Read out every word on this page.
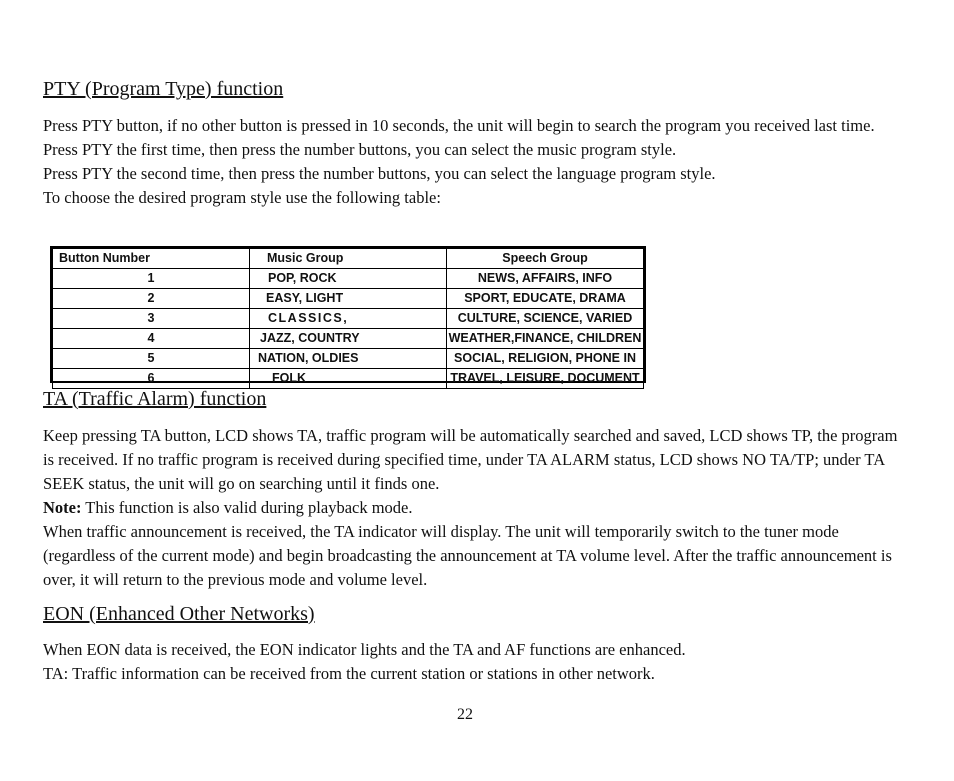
PTY (Program Type) function

Press PTY button, if no other button is pressed in 10 seconds, the unit will begin to search the program you received last time.

Press PTY the first time, then press the number buttons, you can select the music program style.

Press PTY the second time, then press the number buttons, you can select the language program style.

To choose the desired program style use the following table:

Button Number	Music Group	Speech Group
1	POP, ROCK	NEWS, AFFAIRS, INFO
2	EASY, LIGHT	SPORT, EDUCATE, DRAMA
3	CLASSICS,	CULTURE, SCIENCE, VARIED
4	JAZZ, COUNTRY	WEATHER,FINANCE, CHILDREN
5	NATION, OLDIES	SOCIAL, RELIGION, PHONE IN
6	FOLK	TRAVEL, LEISURE, DOCUMENT
TA (Traffic Alarm) function

Keep pressing TA button, LCD shows TA, traffic program will be automatically searched and saved, LCD shows TP, the program is received. If no traffic program is received during specified time, under TA ALARM status, LCD shows NO TA/TP; under TA SEEK status, the unit will go on searching until it finds one.

Note: This function is also valid during playback mode.

When traffic announcement is received, the TA indicator will display. The unit will temporarily switch to the tuner mode (regardless of the current mode) and begin broadcasting the announcement at TA volume level. After the traffic announcement is over, it will return to the previous mode and volume level.

EON (Enhanced Other Networks)

When EON data is received, the EON indicator lights and the TA and AF functions are enhanced.

TA: Traffic information can be received from the current station or stations in other network.

22
